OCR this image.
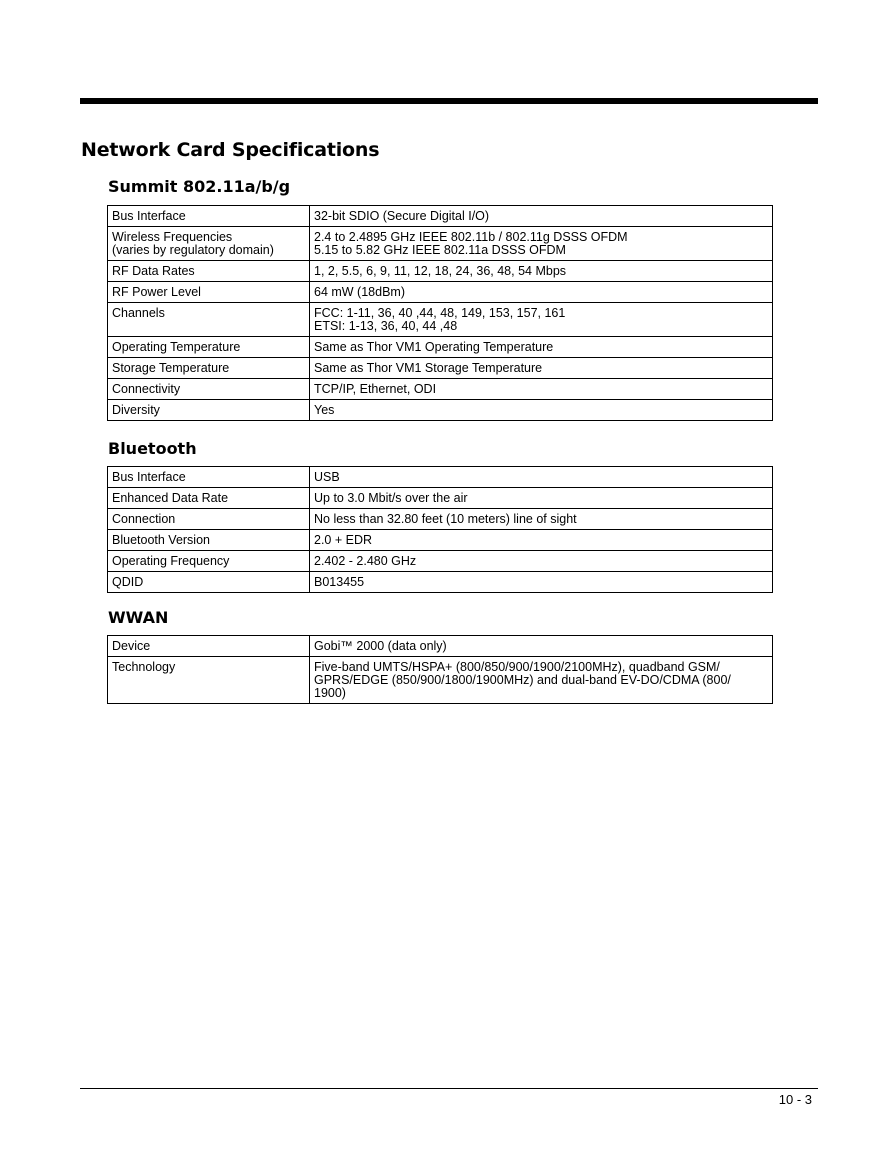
Network Card Specifications
Summit 802.11a/b/g
Bus Interface	32-bit SDIO (Secure Digital I/O)

Wireless Frequencies
(varies by regulatory domain)	2.4 to 2.4895 GHz IEEE 802.11b / 802.11g DSSS OFDM
5.15 to 5.82 GHz IEEE 802.11a DSSS OFDM

RF Data Rates	1, 2, 5.5, 6, 9, 11, 12, 18, 24, 36, 48, 54 Mbps

RF Power Level	64 mW (18dBm)

Channels	FCC: 1-11, 36, 40 ,44, 48, 149, 153, 157, 161
ETSI: 1-13, 36, 40, 44 ,48

Operating Temperature	Same as Thor VM1 Operating Temperature

Storage Temperature	Same as Thor VM1 Storage Temperature

Connectivity	TCP/IP, Ethernet, ODI

Diversity	Yes
Bluetooth
Bus Interface	USB

Enhanced Data Rate	Up to 3.0 Mbit/s over the air

Connection	No less than 32.80 feet (10 meters) line of sight

Bluetooth Version	2.0 + EDR

Operating Frequency	2.402 - 2.480 GHz

QDID	B013455
WWAN
Device	Gobi™ 2000 (data only)

Technology	Five-band UMTS/HSPA+ (800/850/900/1900/2100MHz), quadband GSM/
GPRS/EDGE (850/900/1800/1900MHz) and dual-band EV-DO/CDMA (800/
1900)
10 - 3
